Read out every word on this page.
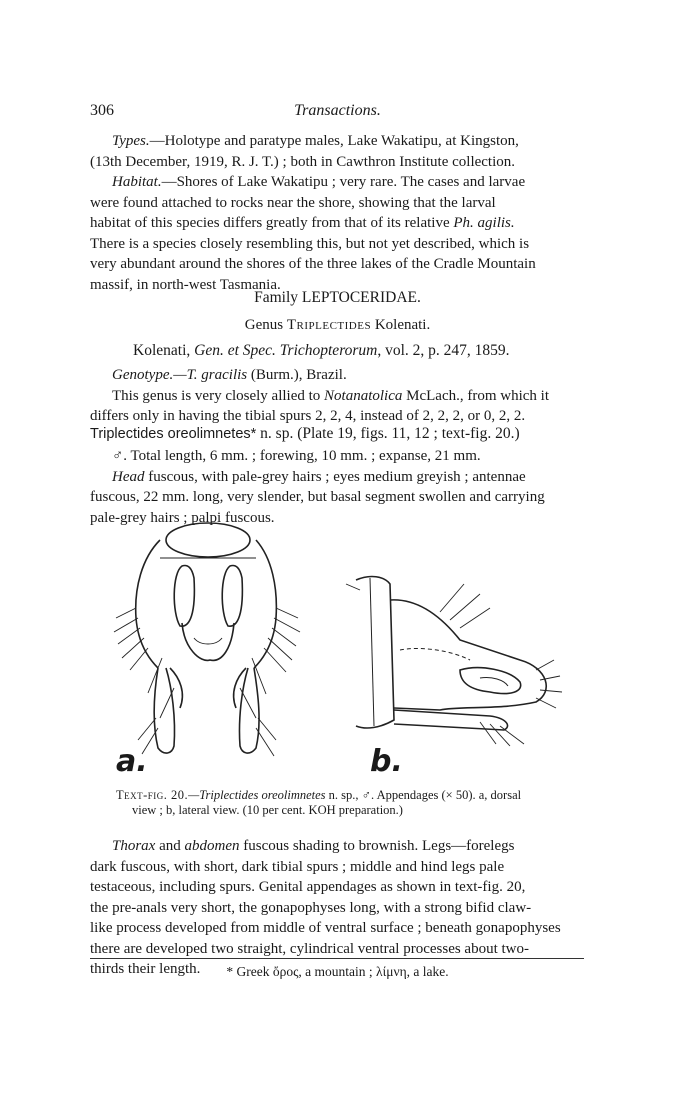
306	Transactions.
Types.—Holotype and paratype males, Lake Wakatipu, at Kingston,
(13th December, 1919, R. J. T.) ; both in Cawthron Institute collection.
Habitat.—Shores of Lake Wakatipu ; very rare. The cases and larvae
were found attached to rocks near the shore, showing that the larval
habitat of this species differs greatly from that of its relative Ph. agilis.
There is a species closely resembling this, but not yet described, which is
very abundant around the shores of the three lakes of the Cradle Mountain
massif, in north-west Tasmania.
Family LEPTOCERIDAE.
Genus Triplectides Kolenati.
Kolenati, Gen. et Spec. Trichopterorum, vol. 2, p. 247, 1859.
Genotype.—T. gracilis (Burm.), Brazil.
This genus is very closely allied to Notanatolica McLach., from which it
differs only in having the tibial spurs 2, 2, 4, instead of 2, 2, 2, or 0, 2, 2.
Triplectides oreolimnetes* n. sp. (Plate 19, figs. 11, 12 ; text-fig. 20.)
♂. Total length, 6 mm. ; forewing, 10 mm. ; expanse, 21 mm.
Head fuscous, with pale-grey hairs ; eyes medium greyish ; antennae
fuscous, 22 mm. long, very slender, but basal segment swollen and carrying
pale-grey hairs ; palpi fuscous.
a.	b.
Text-fig. 20.—Triplectides oreolimnetes n. sp., ♂. Appendages (× 50). a, dorsal
view ; b, lateral view. (10 per cent. KOH preparation.)
Thorax and abdomen fuscous shading to brownish. Legs—forelegs
dark fuscous, with short, dark tibial spurs ; middle and hind legs pale
testaceous, including spurs. Genital appendages as shown in text-fig. 20,
the pre-anals very short, the gonapophyses long, with a strong bifid claw-
like process developed from middle of ventral surface ; beneath gonapophyses
there are developed two straight, cylindrical ventral processes about two-
thirds their length.	* Greek ὄρος, a mountain ; λίμνη, a lake.
